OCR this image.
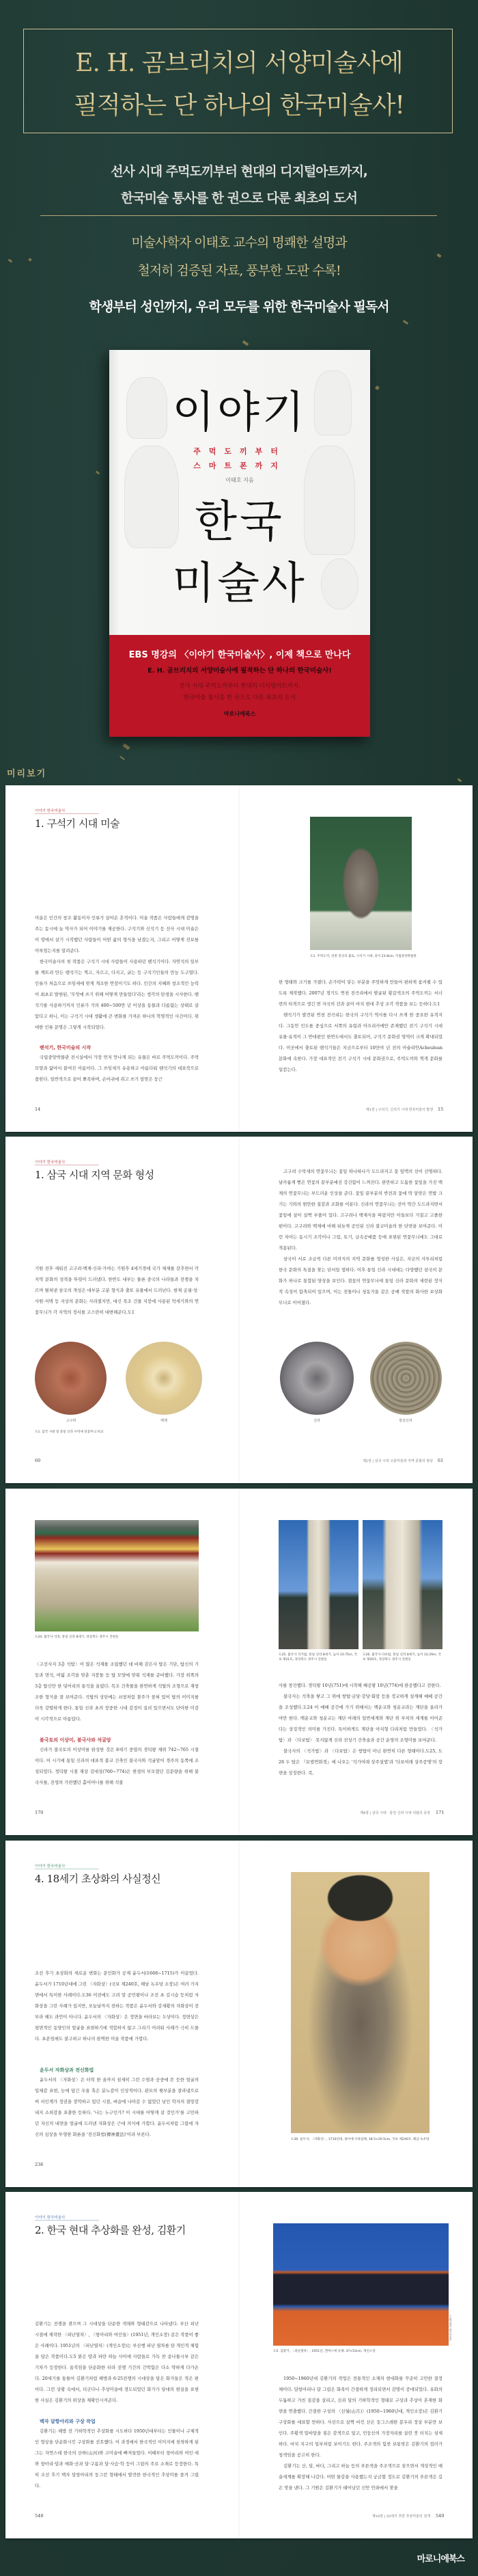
E. H. 곰브리치의 서양미술사에
필적하는 단 하나의 한국미술사!
선사 시대 주먹도끼부터 현대의 디지털아트까지,
한국미술 통사를 한 권으로 다룬 최초의 도서
미술사학자 이태호 교수의 명쾌한 설명과
철저히 검증된 자료, 풍부한 도판 수록!
학생부터 성인까지, 우리 모두를 위한 한국미술사 필독서
이야기
주먹도끼부터
스마트폰까지
이태호 지음
한국
미술사
EBS 명강의 〈이야기 한국미술사〉, 이제 책으로 만나다
E. H. 곰브리치의 서양미술사에 필적하는 단 하나의 한국미술사!
선사 시대 주먹도끼부터 현대의 디지털아트까지,
한국미술 통사를 한 권으로 다룬 최초의 도서
마로니에북스
미리보기
이야기 한국미술사
1. 구석기 시대 미술
도1. 주먹도끼, 연천 전곡리 출토, 구석기 시대, 길이 23.8cm, 국립중앙박물관

미술은 인간의 창조 활동이자 인류가 살아온 흔적이다. 미술 작품은 사람들에게 감명을 주는 동시에 늘 역사가 되어 이야기를 제공한다. 구석기와 신석기 등 선사 시대 미술은 이 땅에서 살기 시작했던 사람들이 어떤 삶의 형식을 남겼는지, 그리고 어떻게 진보를 이루었는지를 알려준다.

한국미술사의 첫 작품은 구석기 시대 사람들이 사용하던 뗀석기이다. 자연석의 일부를 깨트려 만든 뗀석기는 찍고, 자르고, 다지고, 긁는 등 구석기인들의 만능 도구였다. 인류가 처음으로 쓰임새에 맞게 개조한 연장이기도 하다. 인간의 지혜와 창조적인 능력이 최초로 발현된, '무엇에 쓰기 위해 어떻게 만들었다'라는 생각의 탄생을 시사한다. 뗀석기를 사용하기까지 인류가 거의 400~500만 년 이상을 동물과 다름없는 상태로 살았다고 하니, 이는 구석기 시대 생활에 큰 변화를 가져온 하나의 혁명적인 사건이다. 위대한 인류 문명은 그렇게 시작되었다.

뗀석기, 한국미술의 시작

국립중앙박물관 전시실에서 가장 먼저 만나게 되는 유물은 바로 주먹도끼이다. 주먹 모양과 닮아서 붙여진 이름이다. 그 쓰임새가 유용하고 아름다워 뗀석기의 대표작으로 꼽힌다. 일반적으로 끝이 뾰족하며, 손아귀에 쥐고 쓰기 알맞은 둥근

한 형태와 크기를 가졌다. 손가락이 닿는 부분을 주밋하게 만들어 편하게 움켜쥘 수 있도록 제작했다. 2007년 경기도 연천 전곡리에서 발굴된 황갈색조의 주먹도끼는 서너 번의 타격으로 생긴 면 자국의 선과 골이 마치 현대 추상 조각 작품을 보는 듯하다.도1

뗀석기가 발견된 연천 전곡리는 한국의 구석기 역사를 다시 쓰게 한 중요한 유적지다. 그동안 인도를 중심으로 서쪽의 유럽과 아프리카에만 존재했던 전기 구석기 시대 유물·유적이 그 반대편인 한반도에서도 출토되어, 구석기 문화권 영역이 크게 확대되었다. 이곳에서 출토된 뗀석기들은 지금으로부터 10만여 년 전의 아슐리안Acheulean 문화에 속한다. 가장 대표적인 전기 구석기 시대 문화권으로, 주먹도끼와 찍개 문화를 일컫는다.

14	제1장 | 구석기, 신석기 시대 한국미술의 발생 15
이야기 한국미술사
1. 삼국 시대 지역 문화 형성

기원 전후 세워진 고구려·백제·신라·가야는 기원후 4세기경에 국가 체제를 갖추면서 각 지역 문화의 성격을 뚜렷이 드러냈다. 한반도 내부는 물론 중국의 나라들과 전쟁을 치르며 펼쳐낸 삼국의 개성은 대부분 고분 형식과 출토 유물에서 드러난다. 현재 궁궐·성·사원·저택 등 지상의 문화는 사라졌지만, 대신 목조 건물 지붕에 사용된 막새기와의 연꽃무늬가 각 지역의 정서를 고스란히 대변해준다.도1

고구려 수막새의 연꽃무늬는 꽃잎 하나하나가 도드라지고 꽃 잎맥의 선이 선명하다. 날카롭게 뻗은 연꽃의 끝부분에선 강건함이 느껴진다. 완만하고 도톰한 꽃잎을 가진 백제의 연꽃무늬는 부드러운 인상을 준다. 꽃잎 끝부분의 반전과 꽃에 딱 알맞은 연밥 크기는 기와의 원만한 질감과 조화를 이룬다. 신라의 연꽃무늬는 선이 약간 도드라지면서 꽃잎에 살이 살짝 부풀어 있다. 고구려나 백제식을 따랐지만 이들보다 거칠고 고졸한 편이다. 고구려와 백제에 비해 뒤늦게 공인된 신라 불교미술의 한 단면을 보여준다. 이런 차이는 동시기 조각이나 그림, 토기, 금속공예품 등에 표현된 연꽃무늬에도 그대로 적용된다.

삼국이 서로 조금씩 다른 미의식의 지역 문화를 형성한 사실은, 지금의 사투리처럼 한국 문화의 특질을 찾는 단서일 법하다. 이후 통일 신라 시대에는 다양했던 삼국의 문화가 하나로 통합된 양상을 보인다. 겹꽃의 연꽃무늬에 통일 신라 문화의 세련된 장식적 속성이 함축되어 있으며, 이는 전돌이나 청동거울 같은 공예 작품의 화사한 보상화무늬로 이어졌다.

고구려	백제	신라	통일신라
도1. 삼국 시대 및 통일 신라 수막새 연꽃무늬 비교
60	제2장 | 삼국 시대 고분미술과 지역 문화의 형성 61
도24. 불국사 석축, 통일 신라 8세기, 경상북도 경주시 진현동
도25. 불국사 석가탑, 통일 신라 8세기, 높이 10.75m, 국보 제21호, 경상북도 경주시 진현동
도26. 불국사 다보탑, 통일 신라 8세기, 높이 10.29m, 국보 제20호, 경상북도 경주시 진현동

〈고선사지 3층 석탑〉이 많은 석재를 조립했던 데 비해 감은사 탑은 기단, 탑신의 기둥과 면석, 여덟 조각을 맞춘 지붕돌 등 탑 모양에 맞춰 석재를 준비했다. 가장 위쪽의 3층 탑신만 한 덩어리의 통석을 올렸다. 목조 건축물을 완연하게 석탑의 조형으로 재창조한 형식을 잘 보여준다. 석탑의 상단에는 쇠창처럼 찰주가 꽂혀 있어 탑의 이미지를 더욱 강렬하게 한다. 통일 신라 초의 장중한 시대 감정이 실려 있으면서도 단아한 미감이 시각적으로 아름답다.

불국토의 이상미, 불국사와 석굴암

신라가 불국토의 이상미를 완성한 것은 8세기 중엽의 경덕왕 재위 742~765 시절이다. 이 시기에 통일 신라의 대표적 불교 건축인 불국사와 석굴암이 경주의 동쪽에 조성되었다. 경덕왕 시절 재상 김대성(700~774)은 현생의 부모였던 김문량을 위해 불국사를, 전생의 가련했던 홀어머니를 위해 석불

사를 창건했다. 경덕왕 10년(751)에 시작해 혜공왕 10년(774)에 완공했다고 전한다.

불국사는 석축을 쌓고 그 위에 쌍탑·금당·강당·회랑 등을 정교하게 설계해 예배 공간을 조성했다.도24 이 예배 공간에 가기 위해서는 백운교와 청운교라는 계단을 올라가야만 한다. 백운교와 청운교는 계단 아래의 일반세계와 계단 위 부처의 세계를 이어준다는 상징적인 의미를 가진다. 특이하게도 계단을 아치형 다리처럼 만들었다. 〈석가탑〉과 〈다보탑〉 못지않게 신라 전성기 건축술과 공간 운영의 조형미를 보여준다.

불국사의 〈석가탑〉과 〈다보탑〉은 쌍탑이 아닌 완연히 다른 형태이다.도25, 도26 두 탑은 『묘법연화경』에 나오는 '석가여래 상주설법'과 '다보여래 상주증명'의 장면을 상징한다. 즉,

170	제4장 | 삼국 시대 · 통일 신라 시대 석탑의 등장 171
이야기 한국미술사
4. 18세기 초상화의 사실정신
도36. 윤두서, 〈자화상〉, 1710년대, 종이에 수묵담채, 38.5×20.5cm, 국보 제240호, 해남 녹우당

조선 후기 초상화의 새로운 변화는 문인화가 공재 윤두서(1668~1715)가 이끌었다. 윤두서가 1710년대에 그린 〈자화상〉(국보 제240호, 해남 녹우당 소장)은 여러 가지 면에서 특이한 사례이다.도36 이전에도 고려 말 공민왕이나 조선 초 김시습 등처럼 자화상을 그린 사례가 있지만, 오늘날까지 전하는 작품은 윤두서와 강세황의 자화상이 전부라 해도 과언이 아니다. 윤두서의 〈자화상〉은 정면을 바라보는 두상이다. 정면상은 평면적인 동양인의 얼굴을 표현하기에 적합하지 않고 그리기 어려워 사례가 극히 드물다. 초본임에도 불구하고 하나의 완벽한 미술 작품에 가깝다.

윤두서 자화상과 전신화법

윤두서의 〈자화상〉은 터럭 한 올까지 섬세히 그린 수염과 공중에 뜬 듯한 얼굴의 입체감 표현, 눈에 담긴 우울 혹은 분노감이 인상적이다. 관모의 윗부분을 잘라냄으로써 서인계가 정권을 장악하고 있던 시절, 벼슬에 나아갈 수 없었던 남인 학자의 절망감 내지 소외감을 표출한 듯하다. '나는 누구인가? 이 시대를 어떻게 살 것인가'를 고민하던 자신의 내면을 얼굴에 드러낸 자화상은 근대 의식에 가깝다. 윤두서처럼 그림에 자신의 심상을 투영한 화론을 '전신화법(傳神畫法)'이라 부른다.

236
이야기 한국미술사
2. 한국 현대 추상화를 완성, 김환기
도5. 김환기, 〈피난열차〉, 1951년, 캔버스에 유채, 37×53cm, 개인소장
ⓒ 환기재단·환기미술관

김환기는 전쟁을 겪으며 그 시대상을 단순한 색채와 형태감으로 나타냈다. 부산 피난 시절에 제작한 〈피난열차〉, 〈항아리와 여인들〉(1951년, 개인소장) 같은 작품이 좋은 사례이다. 1951년의 〈피난열차〉(개인소장)는 부산행 피난 열차를 탄 개인적 체험을 담은 작품이다.도5 붉은 땅과 파란 하늘 사이에 사람들로 가득 찬 콩나물시루 같은 기차가 등장한다. 움직임을 단순화한 터라 전쟁 기간의 긴박함은 다소 약하게 다가온다. 20세기를 통틀어 김환기처럼 해방과 6·25전쟁의 시대상을 담은 화가들은 적은 편이다. 그런 상황 속에서, 더군다나 추상미술에 경도되었던 화가가 당대의 현실을 표현한 사실은 김환기의 위상을 재확인시켜준다.

백자 달항아리와 구상 작업

김환기는 해방 전 기하학적인 추상화를 시도하다 1950년대부터는 인물이나 구체적인 형상을 단순화시킨 구상화를 선호했다. 이 과정에서 한국적인 이미지에 천착하게 된 그는 자연스레 한국의 산하(山河)와 고미술에 빠져들었다. 이때부터 항아리와 여인·새와 항아리·달과 매화·산과 달·구름과 달·사슴·학 등이 그림의 주요 소재로 등장한다. 특히 조선 후기 백자 달항아리의 둥그런 형태에서 발견한 한국적인 추상미를 즐겨 그렸다.

1950~1960년대 김환기의 작업은 전통적인 소재의 현대화를 꾸준히 고민한 결정체이다. 달항아리나 달 그림은 화폭이 간결하게 정리되면서 감명이 증대되었다. 유화의 두툼하고 거친 질감을 살리고, 산과 달의 기하학적인 형태로 구상과 추상이 혼재한 화면을 연출했다. 간결한 구성의 〈산월(山月)〉(1950~1960년대, 개인소장)은 김환기 구상화를 대표할 만하다. 사선으로 살짝 비킨 산은 둥그스레한 봉우리 정상 부분만 보인다. 주황색 밑바탕을 짙은 감색으로 덮고, 민둥산의 가장자리를 살린 붓 터치는 섬세하다. 마치 지구의 일부처럼 보이기도 한다. 주조색의 힘찬 보통맞은 김환기의 컬러가 청색임을 공고히 한다.

김환기는 산, 달, 바다, 그리고 하늘 등의 푸른색을 주조색으로 삼으면서 개성적인 예술세계를 확장해 나갔다. 어떤 물감을 사용했는지 궁금할 정도로 김환기의 푸른색은 깊은 맛을 낸다. 그 기원은 김환기가 태어났던 신안 안좌에서 찾을

548	제10장 | 20세기 후반 추상미술의 전개 549
마로니에북스
